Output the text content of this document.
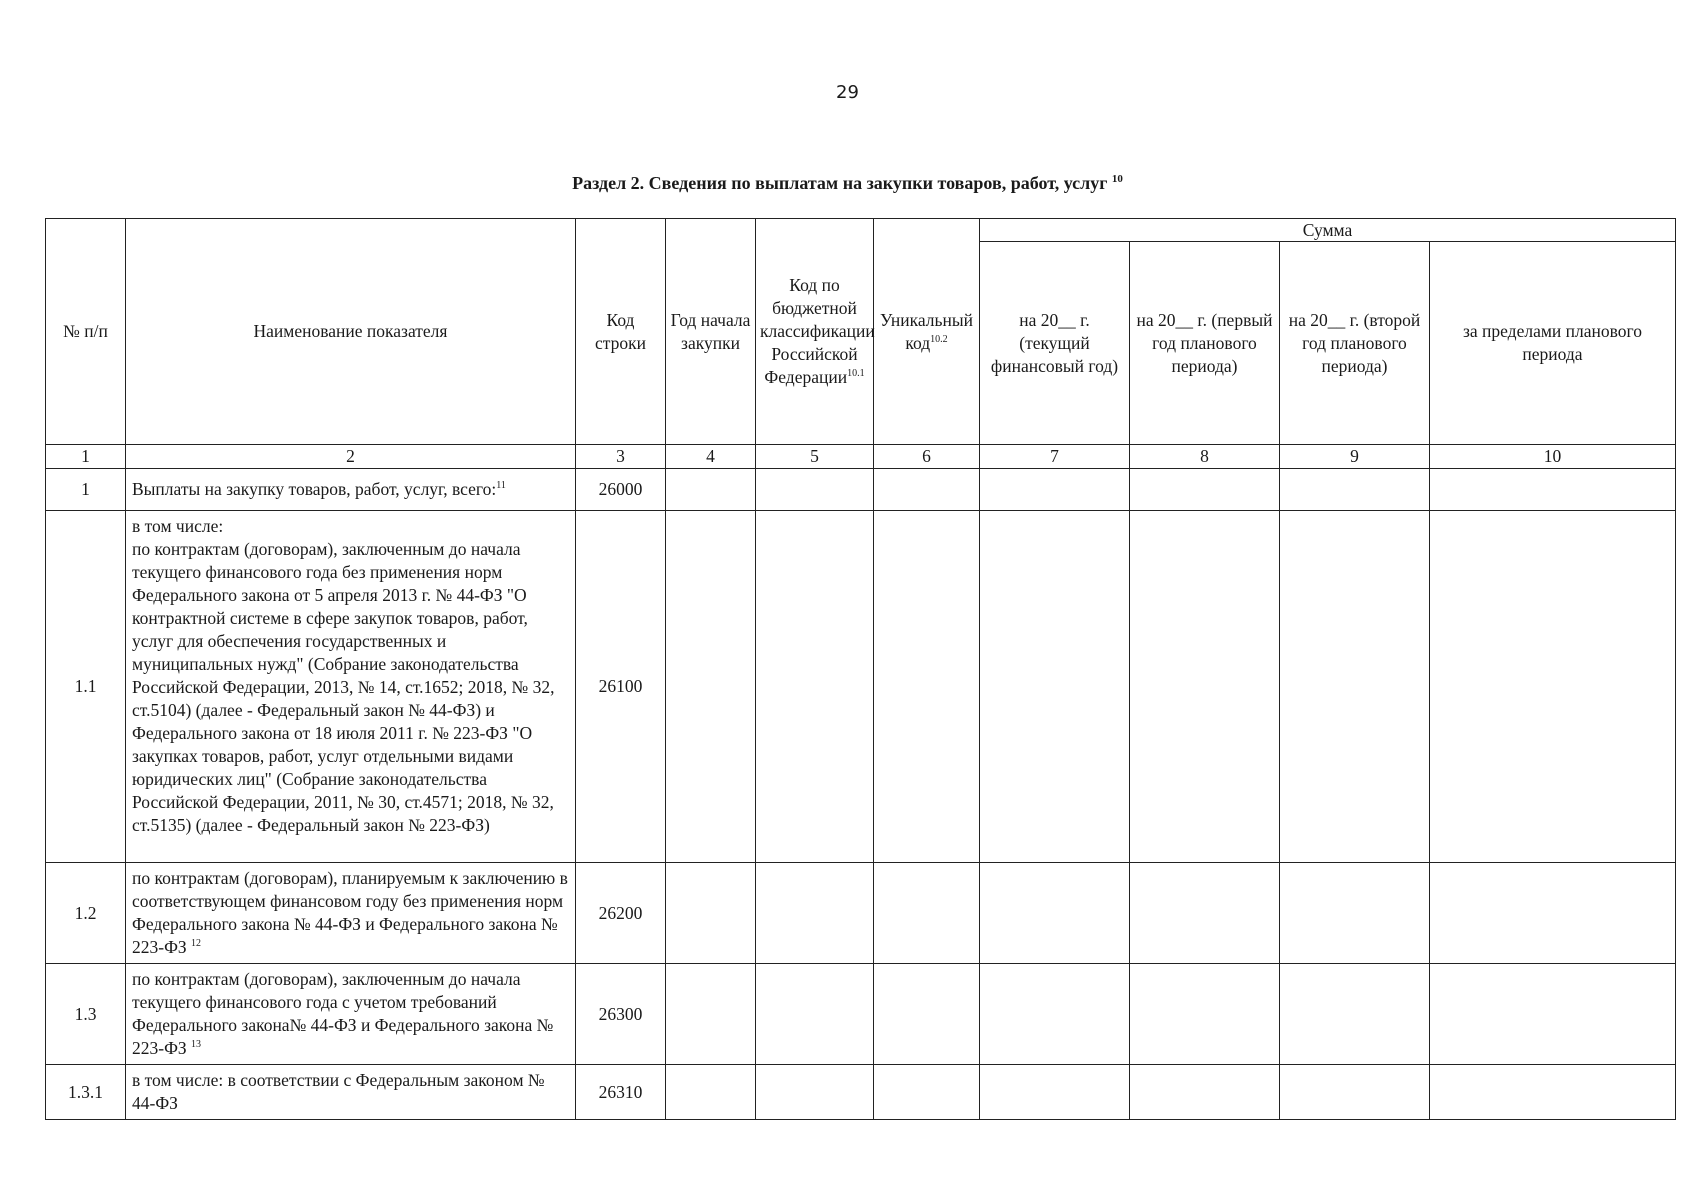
29
Раздел 2. Сведения по выплатам на закупки товаров, работ, услуг $^{10}$
№ п/п	Наименование показателя	Код строки	Год начала закупки	Код по бюджетной классификации Российской Федерации$^{10.1}$	Уникальный код$^{10.2}$	Сумма			
						на 20__ г. (текущий финансовый год)	на 20__ г. (первый год планового периода)	на 20__ г. (второй год планового периода)	за пределами планового периода
1	2	3	4	5	6	7	8	9	10
1	Выплаты на закупку товаров, работ, услуг, всего:$^{11}$	26000							
1.1	в том числе:
по контрактам (договорам), заключенным до начала текущего финансового года без применения норм Федерального закона от 5 апреля 2013 г. № 44-ФЗ "О контрактной системе в сфере закупок товаров, работ, услуг для обеспечения государственных и муниципальных нужд" (Собрание законодательства Российской Федерации, 2013, № 14, ст.1652; 2018, № 32, ст.5104) (далее - Федеральный закон № 44-ФЗ) и Федерального закона от 18 июля 2011 г. № 223-ФЗ "О закупках товаров, работ, услуг отдельными видами юридических лиц" (Собрание законодательства Российской Федерации, 2011, № 30, ст.4571; 2018, № 32, ст.5135) (далее - Федеральный закон № 223-ФЗ)	26100							
1.2	по контрактам (договорам), планируемым к заключению в соответствующем финансовом году без применения норм Федерального закона № 44-ФЗ и Федерального закона № 223-ФЗ $^{12}$	26200							
1.3	по контрактам (договорам), заключенным до начала текущего финансового года с учетом требований Федерального закона№ 44-ФЗ и Федерального закона № 223-ФЗ $^{13}$	26300							
1.3.1	в том числе: в соответствии с Федеральным законом № 44-ФЗ	26310							
